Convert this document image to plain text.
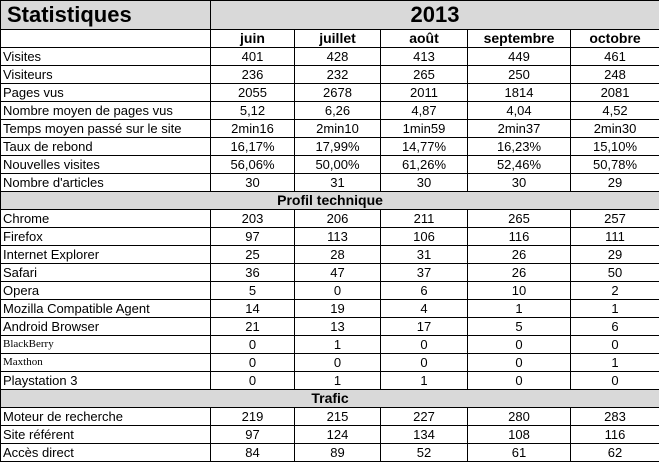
Statistiques	2013				
	juin	juillet	août	septembre	octobre
Visites	401	428	413	449	461
Visiteurs	236	232	265	250	248
Pages vus	2055	2678	2011	1814	2081
Nombre moyen de pages vus	5,12	6,26	4,87	4,04	4,52
Temps moyen passé sur le site	2min16	2min10	1min59	2min37	2min30
Taux de rebond	16,17%	17,99%	14,77%	16,23%	15,10%
Nouvelles visites	56,06%	50,00%	61,26%	52,46%	50,78%
Nombre d'articles	30	31	30	30	29
Profil technique					
Chrome	203	206	211	265	257
Firefox	97	113	106	116	111
Internet Explorer	25	28	31	26	29
Safari	36	47	37	26	50
Opera	5	0	6	10	2
Mozilla Compatible Agent	14	19	4	1	1
Android Browser	21	13	17	5	6
BlackBerry	0	1	0	0	0
Maxthon	0	0	0	0	1
Playstation 3	0	1	1	0	0
Trafic					
Moteur de recherche	219	215	227	280	283
Site référent	97	124	134	108	116
Accès direct	84	89	52	61	62
